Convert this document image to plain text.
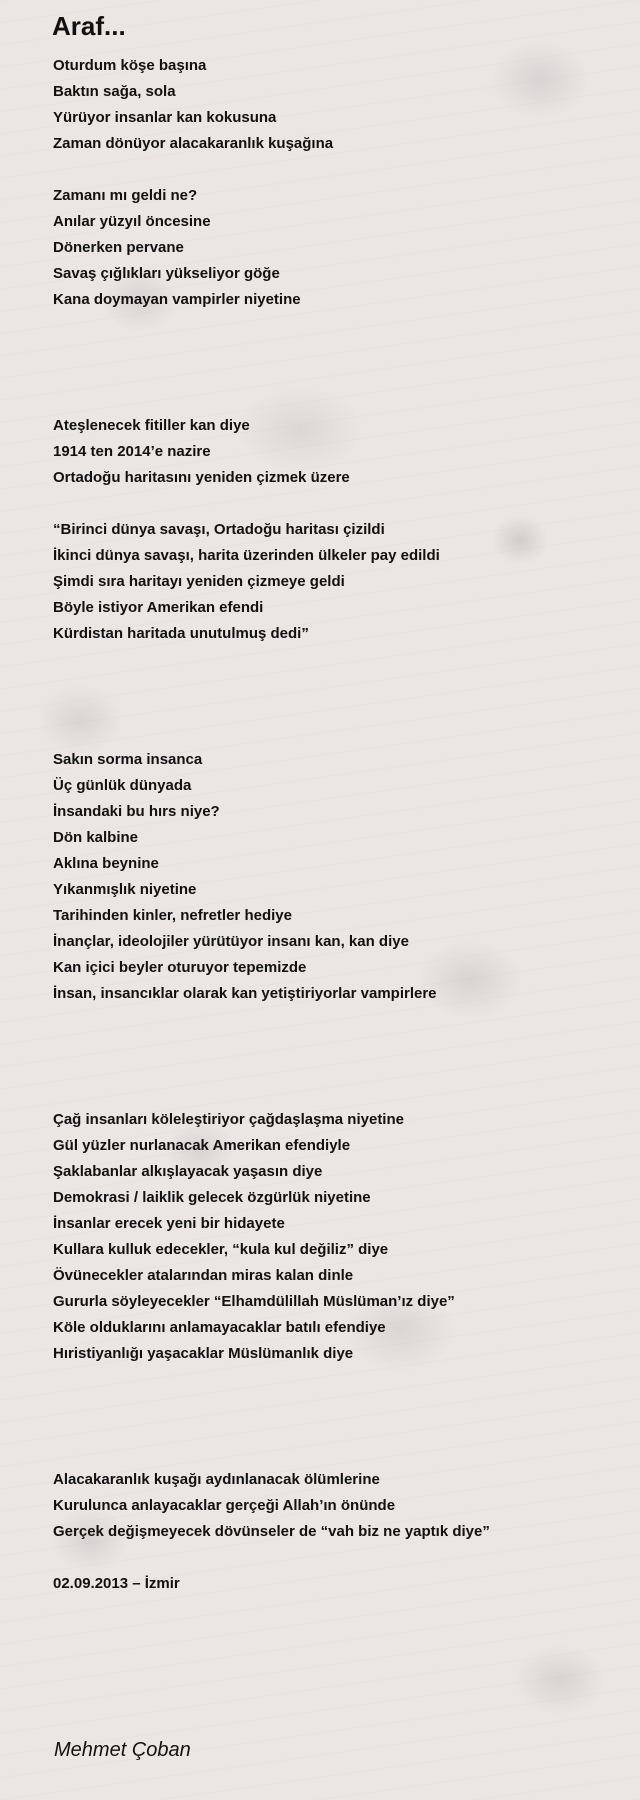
Araf...
Oturdum köşe başına
Baktın sağa, sola
Yürüyor insanlar kan kokusuna
Zaman dönüyor alacakaranlık kuşağına
Zamanı mı geldi ne?
Anılar yüzyıl öncesine
Dönerken pervane
Savaş çığlıkları yükseliyor göğe
Kana doymayan vampirler niyetine
Ateşlenecek fitiller kan diye
1914 ten 2014’e nazire
Ortadoğu haritasını yeniden çizmek üzere
“Birinci dünya savaşı, Ortadoğu haritası çizildi
İkinci dünya savaşı, harita üzerinden ülkeler pay edildi
Şimdi sıra haritayı yeniden çizmeye geldi
Böyle istiyor Amerikan efendi
Kürdistan haritada unutulmuş dedi”
Sakın sorma insanca
Üç günlük dünyada
İnsandaki bu hırs niye?
Dön kalbine
Aklına beynine
Yıkanmışlık niyetine
Tarihinden kinler, nefretler hediye
İnançlar, ideolojiler yürütüyor insanı kan, kan diye
Kan içici beyler oturuyor tepemizde
İnsan, insancıklar olarak kan yetiştiriyorlar vampirlere
Çağ insanları köleleştiriyor çağdaşlaşma niyetine
Gül yüzler nurlanacak Amerikan efendiyle
Şaklabanlar alkışlayacak yaşasın diye
Demokrasi / laiklik gelecek özgürlük niyetine
İnsanlar erecek yeni bir hidayete
Kullara kulluk edecekler, “kula kul değiliz” diye
Övünecekler atalarından miras kalan dinle
Gururla söyleyecekler “Elhamdülillah Müslüman’ız diye”
Köle olduklarını anlamayacaklar batılı efendiye
Hıristiyanlığı yaşacaklar Müslümanlık diye
Alacakaranlık kuşağı aydınlanacak ölümlerine
Kurulunca anlayacaklar gerçeği Allah’ın önünde
Gerçek değişmeyecek dövünseler de “vah biz ne yaptık diye”
02.09.2013 – İzmir
Mehmet Çoban
